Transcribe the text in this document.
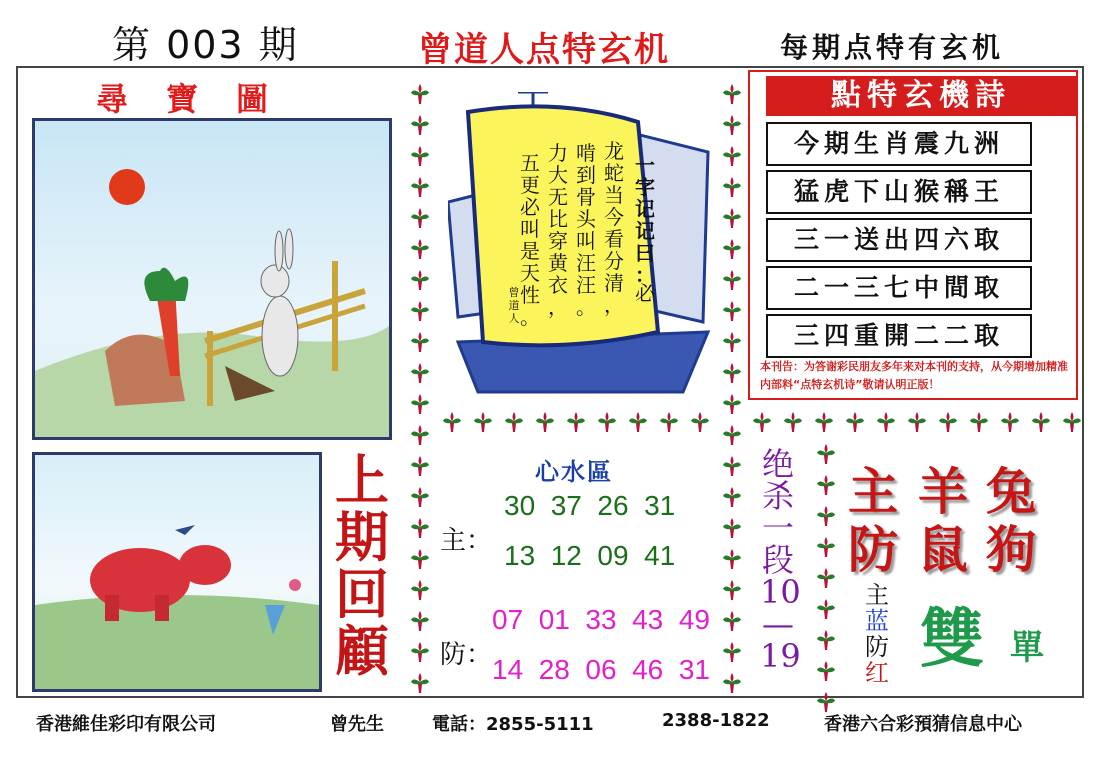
第 003 期	曾道人点特玄机	每期点特有玄机
尋寶圖
上
期
回
顧
五
更
必
叫
是
天
性
。
力
大
无
比
穿
黄
衣
，
啃
到
骨
头
叫
汪
汪
。
龙
蛇
当
今
看
分
清
，
一
字
记
记
曰
：
必
曾
道
人
點特玄機詩
今期生肖震九洲
猛虎下山猴稱王
三一送出四六取
二一三七中間取
三四重開二二取
本刊告：为答谢彩民朋友多年来对本刊的支持，从今期增加精准内部料“点特玄机诗”敬请认明正版！
心水區
主：
30  37  26  31
13  12  09  41
防：
07  01  33  43  49
14  28  06  46  31
绝
杀
一
段
10
—
19
主 羊兔
防 鼠狗
主
蓝
防
红 雙 單
香港維佳彩印有限公司	曾先生	電話：2855-5111	2388-1822	香港六合彩預猜信息中心
